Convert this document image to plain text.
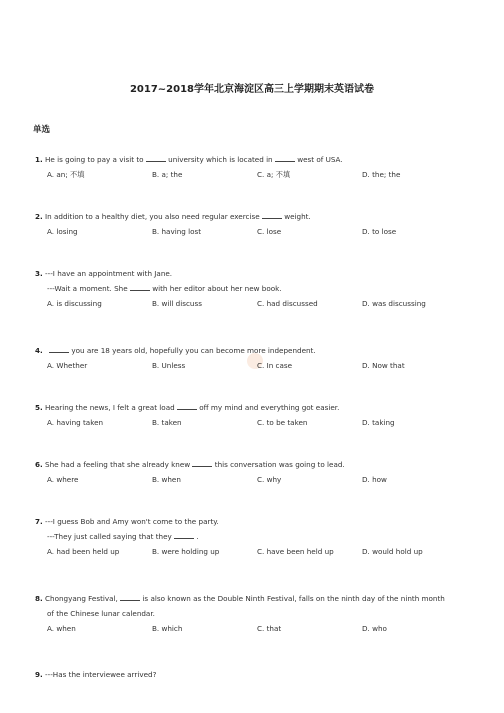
2017~2018学年北京海淀区高三上学期期末英语试卷
单选
1. He is going to pay a visit to	university which is located in	west of USA.
A. an; 不填	B. a; the	C. a; 不填	D. the; the
2. In addition to a healthy diet, you also need regular exercise	weight.
A. losing	B. having lost	C. lose	D. to lose
3. ---I have an appointment with Jane.
---Wait a moment. She	with her editor about her new book.
A. is discussing	B. will discuss	C. had discussed	D. was discussing
4.	you are 18 years old, hopefully you can become more independent.
A. Whether	B. Unless	C. In case	D. Now that
5. Hearing the news, I felt a great load	off my mind and everything got easier.
A. having taken	B. taken	C. to be taken	D. taking
6. She had a feeling that she already knew	this conversation was going to lead.
A. where	B. when	C. why	D. how
7. ---I guess Bob and Amy won't come to the party.
---They just called saying that they	.
A. had been held up	B. were holding up	C. have been held up	D. would hold up
8. Chongyang Festival,	is also known as the Double Ninth Festival, falls on the ninth day of the ninth month
of the Chinese lunar calendar.
A. when	B. which	C. that	D. who
9. ---Has the interviewee arrived?
